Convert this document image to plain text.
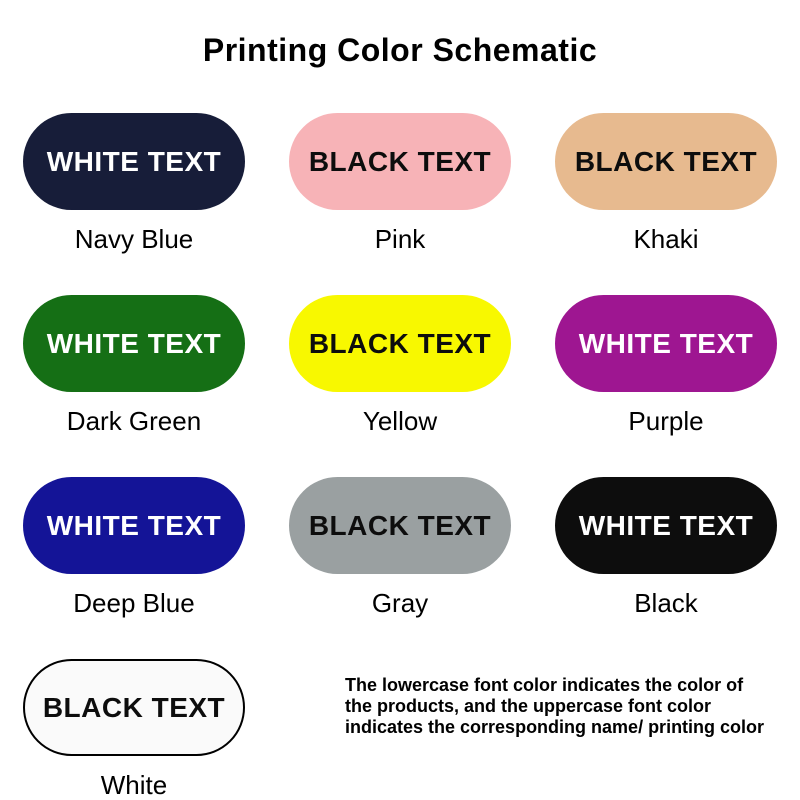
Printing Color Schematic
WHITE TEXT
Navy Blue
BLACK TEXT
Pink
BLACK TEXT
Khaki
WHITE TEXT
Dark Green
BLACK TEXT
Yellow
WHITE TEXT
Purple
WHITE TEXT
Deep Blue
BLACK TEXT
Gray
WHITE TEXT
Black
BLACK TEXT
White
The lowercase font color indicates the color of
the products, and the uppercase font color
indicates the corresponding name/ printing color
